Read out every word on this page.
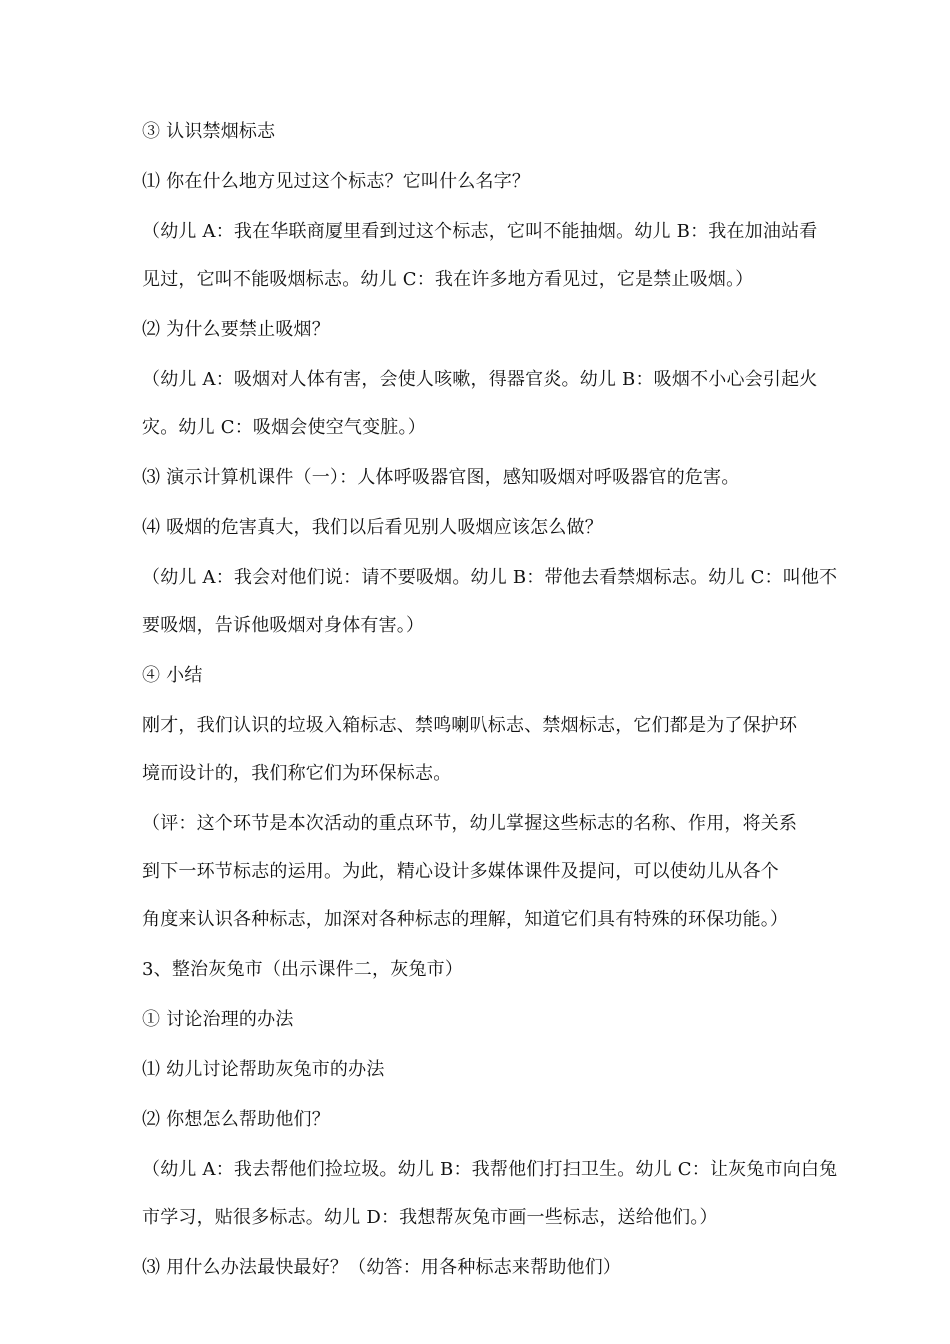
③ 认识禁烟标志
⑴ 你在什么地方见过这个标志？它叫什么名字？
（幼儿 A：我在华联商厦里看到过这个标志，它叫不能抽烟。幼儿 B：我在加油站看
见过，它叫不能吸烟标志。幼儿 C：我在许多地方看见过，它是禁止吸烟。）
⑵ 为什么要禁止吸烟？
（幼儿 A：吸烟对人体有害，会使人咳嗽，得器官炎。幼儿 B：吸烟不小心会引起火
灾。幼儿 C：吸烟会使空气变脏。）
⑶ 演示计算机课件（一）：人体呼吸器官图，感知吸烟对呼吸器官的危害。
⑷ 吸烟的危害真大，我们以后看见别人吸烟应该怎么做？
（幼儿 A：我会对他们说：请不要吸烟。幼儿 B：带他去看禁烟标志。幼儿 C：叫他不
要吸烟，告诉他吸烟对身体有害。）
④ 小结
刚才，我们认识的垃圾入箱标志、禁鸣喇叭标志、禁烟标志，它们都是为了保护环
境而设计的，我们称它们为环保标志。
（评：这个环节是本次活动的重点环节，幼儿掌握这些标志的名称、作用，将关系
到下一环节标志的运用。为此，精心设计多媒体课件及提问，可以使幼儿从各个
角度来认识各种标志，加深对各种标志的理解，知道它们具有特殊的环保功能。）
3、整治灰兔市（出示课件二，灰兔市）
① 讨论治理的办法
⑴ 幼儿讨论帮助灰兔市的办法
⑵ 你想怎么帮助他们？
（幼儿 A：我去帮他们捡垃圾。幼儿 B：我帮他们打扫卫生。幼儿 C：让灰兔市向白兔
市学习，贴很多标志。幼儿 D：我想帮灰兔市画一些标志，送给他们。）
⑶ 用什么办法最快最好？（幼答：用各种标志来帮助他们）
